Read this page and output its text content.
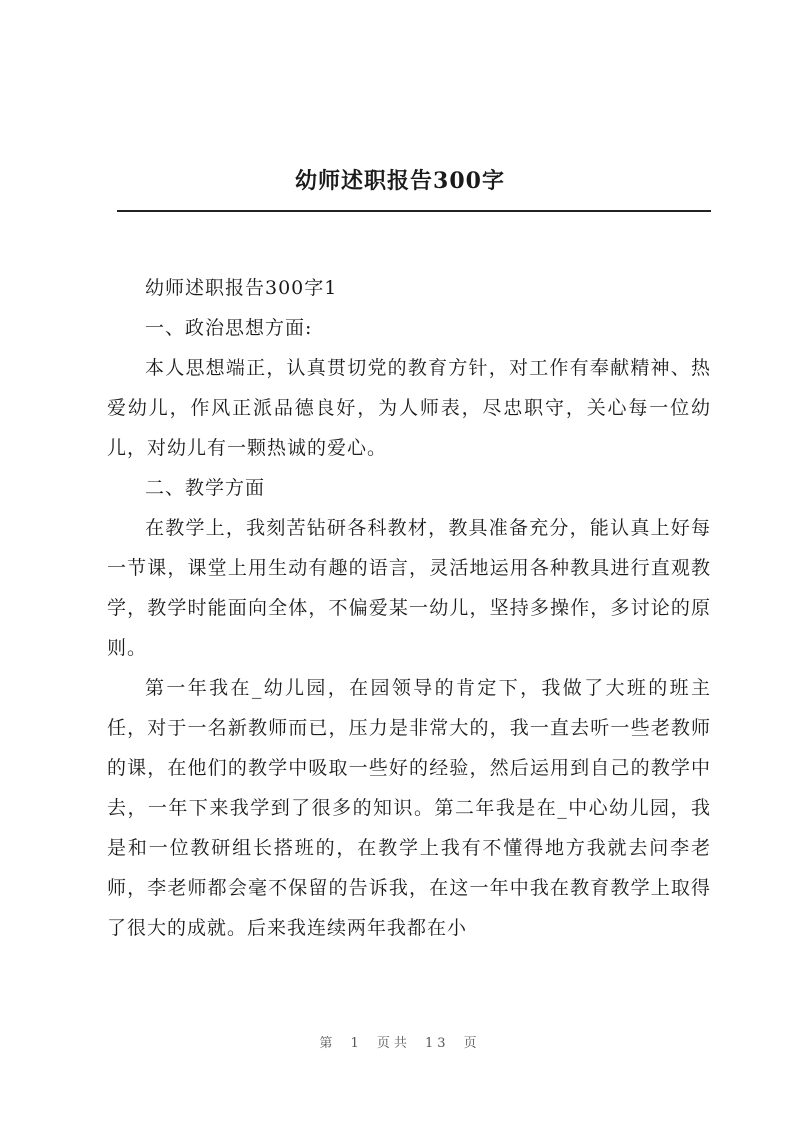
幼师述职报告300字

幼师述职报告300字1

一、政治思想方面:

本人思想端正，认真贯切党的教育方针，对工作有奉献精神、热爱幼儿，作风正派品德良好，为人师表，尽忠职守，关心每一位幼儿，对幼儿有一颗热诚的爱心。

二、教学方面

在教学上，我刻苦钻研各科教材，教具准备充分，能认真上好每一节课，课堂上用生动有趣的语言，灵活地运用各种教具进行直观教学，教学时能面向全体，不偏爱某一幼儿，坚持多操作，多讨论的原则。

第一年我在_幼儿园，在园领导的肯定下，我做了大班的班主任，对于一名新教师而已，压力是非常大的，我一直去听一些老教师的课，在他们的教学中吸取一些好的经验，然后运用到自己的教学中去，一年下来我学到了很多的知识。第二年我是在_中心幼儿园，我是和一位教研组长搭班的，在教学上我有不懂得地方我就去问李老师，李老师都会毫不保留的告诉我，在这一年中我在教育教学上取得了很大的成就。后来我连续两年我都在小

第 1 页共 13 页
